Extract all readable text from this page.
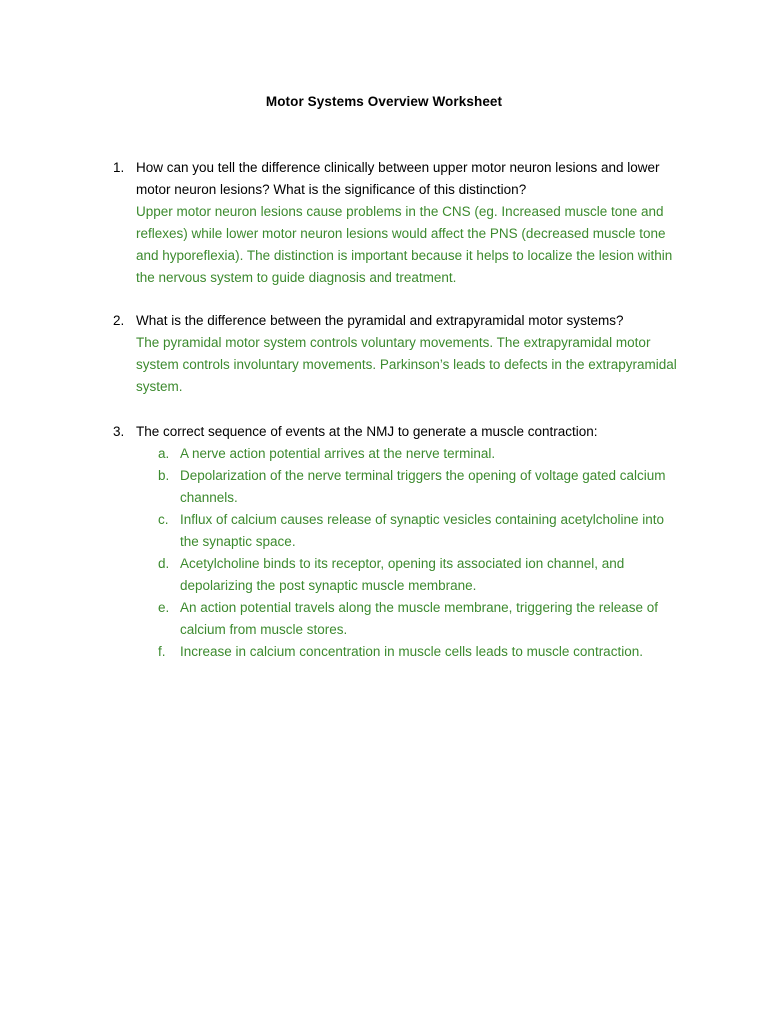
Motor Systems Overview Worksheet
1. How can you tell the difference clinically between upper motor neuron lesions and lower motor neuron lesions? What is the significance of this distinction?
Upper motor neuron lesions cause problems in the CNS (eg. Increased muscle tone and reflexes) while lower motor neuron lesions would affect the PNS (decreased muscle tone and hyporeflexia). The distinction is important because it helps to localize the lesion within the nervous system to guide diagnosis and treatment.
2. What is the difference between the pyramidal and extrapyramidal motor systems?
The pyramidal motor system controls voluntary movements. The extrapyramidal motor system controls involuntary movements. Parkinson’s leads to defects in the extrapyramidal system.
3. The correct sequence of events at the NMJ to generate a muscle contraction:
a. A nerve action potential arrives at the nerve terminal.
b. Depolarization of the nerve terminal triggers the opening of voltage gated calcium channels.
c. Influx of calcium causes release of synaptic vesicles containing acetylcholine into the synaptic space.
d. Acetylcholine binds to its receptor, opening its associated ion channel, and depolarizing the post synaptic muscle membrane.
e. An action potential travels along the muscle membrane, triggering the release of calcium from muscle stores.
f. Increase in calcium concentration in muscle cells leads to muscle contraction.
